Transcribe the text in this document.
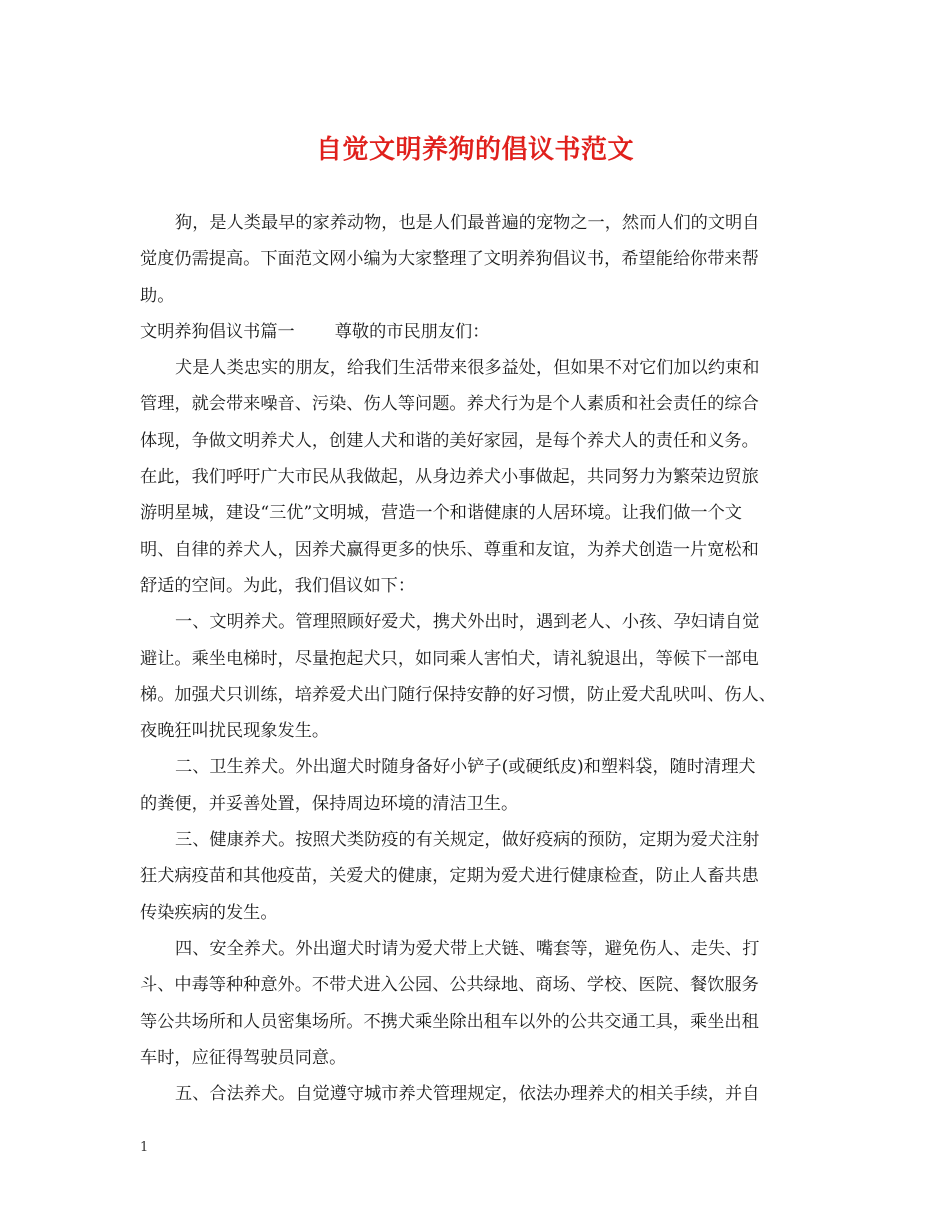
自觉文明养狗的倡议书范文
狗，是人类最早的家养动物，也是人们最普遍的宠物之一，然而人们的文明自
觉度仍需提高。下面范文网小编为大家整理了文明养狗倡议书，希望能给你带来帮
助。
文明养狗倡议书篇一 尊敬的市民朋友们：
犬是人类忠实的朋友，给我们生活带来很多益处，但如果不对它们加以约束和
管理，就会带来噪音、污染、伤人等问题。养犬行为是个人素质和社会责任的综合
体现，争做文明养犬人，创建人犬和谐的美好家园，是每个养犬人的责任和义务。
在此，我们呼吁广大市民从我做起，从身边养犬小事做起，共同努力为繁荣边贸旅
游明星城，建设“三优”文明城，营造一个和谐健康的人居环境。让我们做一个文
明、自律的养犬人，因养犬赢得更多的快乐、尊重和友谊，为养犬创造一片宽松和
舒适的空间。为此，我们倡议如下：
一、文明养犬。管理照顾好爱犬，携犬外出时，遇到老人、小孩、孕妇请自觉
避让。乘坐电梯时，尽量抱起犬只，如同乘人害怕犬，请礼貌退出，等候下一部电
梯。加强犬只训练，培养爱犬出门随行保持安静的好习惯，防止爱犬乱吠叫、伤人、
夜晚狂叫扰民现象发生。
二、卫生养犬。外出遛犬时随身备好小铲子(或硬纸皮)和塑料袋，随时清理犬
的粪便，并妥善处置，保持周边环境的清洁卫生。
三、健康养犬。按照犬类防疫的有关规定，做好疫病的预防，定期为爱犬注射
狂犬病疫苗和其他疫苗，关爱犬的健康，定期为爱犬进行健康检查，防止人畜共患
传染疾病的发生。
四、安全养犬。外出遛犬时请为爱犬带上犬链、嘴套等，避免伤人、走失、打
斗、中毒等种种意外。不带犬进入公园、公共绿地、商场、学校、医院、餐饮服务
等公共场所和人员密集场所。不携犬乘坐除出租车以外的公共交通工具，乘坐出租
车时，应征得驾驶员同意。
五、合法养犬。自觉遵守城市养犬管理规定，依法办理养犬的相关手续，并自
1
